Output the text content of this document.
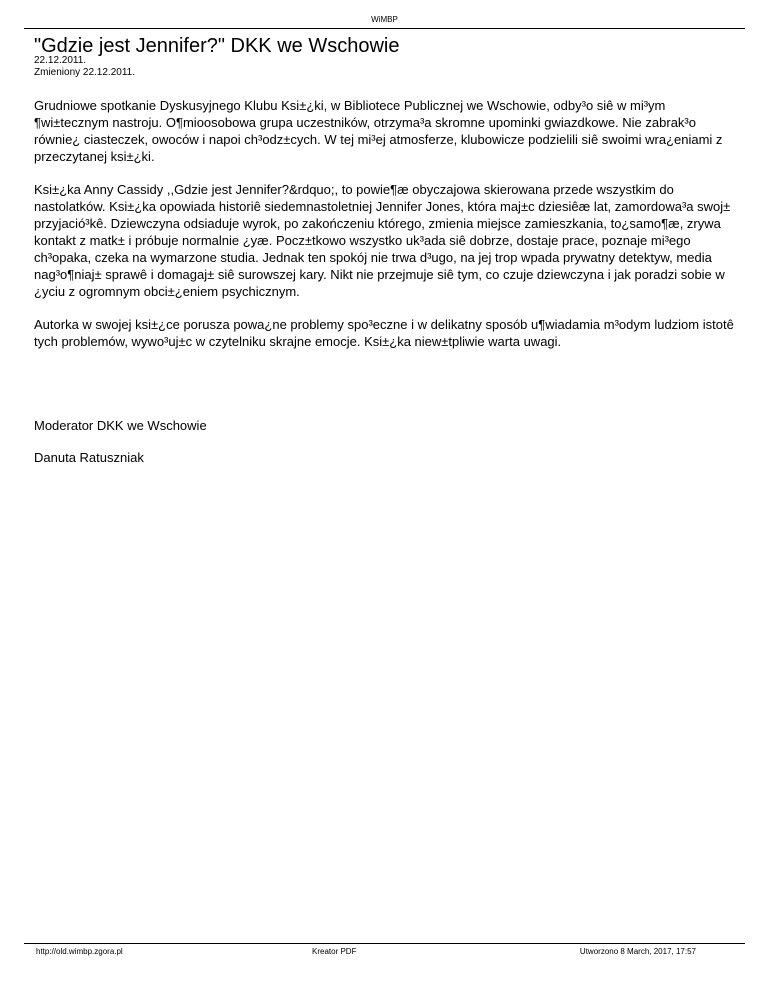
WiMBP
"Gdzie jest Jennifer?" DKK we Wschowie
22.12.2011.
Zmieniony 22.12.2011.

Grudniowe spotkanie Dyskusyjnego Klubu Ksi±¿ki, w Bibliotece Publicznej we Wschowie, odby³o siê w mi³ym ¶wi±tecznym nastroju. O¶mioosobowa grupa uczestników, otrzyma³a skromne upominki gwiazdkowe. Nie zabrak³o równie¿ ciasteczek, owoców i napoi ch³odz±cych. W tej mi³ej atmosferze, klubowicze podzielili siê swoimi wra¿eniami z przeczytanej ksi±¿ki.

Ksi±¿ka Anny Cassidy ,,Gdzie jest Jennifer?&rdquo;, to powie¶æ obyczajowa skierowana przede wszystkim do nastolatków. Ksi±¿ka opowiada historiê siedemnastoletniej Jennifer Jones, która maj±c dziesiêæ lat, zamordowa³a swoj± przyjació³kê. Dziewczyna odsiaduje wyrok, po zakończeniu którego, zmienia miejsce zamieszkania, to¿samo¶æ, zrywa kontakt z matk± i próbuje normalnie ¿yæ. Pocz±tkowo wszystko uk³ada siê dobrze, dostaje prace, poznaje mi³ego ch³opaka, czeka na wymarzone studia. Jednak ten spokój nie trwa d³ugo, na jej trop wpada prywatny detektyw, media nag³o¶niaj± sprawê i domagaj± siê surowszej kary. Nikt nie przejmuje siê tym, co czuje dziewczyna i jak poradzi sobie w ¿yciu z ogromnym obci±¿eniem psychicznym.

Autorka w swojej ksi±¿ce porusza powa¿ne problemy spo³eczne i w delikatny sposób u¶wiadamia m³odym ludziom istotê tych problemów, wywo³uj±c w czytelniku skrajne emocje. Ksi±¿ka niew±tpliwie warta uwagi.

Moderator DKK we Wschowie

Danuta Ratuszniak

http://old.wimbp.zgora.pl	Kreator PDF	Utworzono 8 March, 2017, 17:57
